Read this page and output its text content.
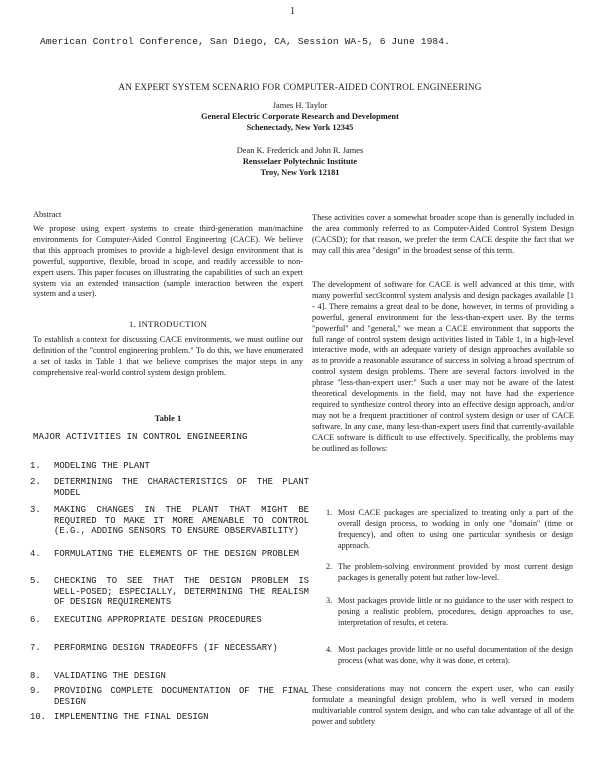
1
American Control Conference, San Diego, CA, Session WA-5, 6 June 1984.
AN EXPERT SYSTEM SCENARIO FOR COMPUTER-AIDED CONTROL ENGINEERING
James H. Taylor
General Electric Corporate Research and Development
Schenectady, New York 12345
Dean K. Frederick and John R. James
Rensselaer Polytechnic Institute
Troy, New York 12181
Abstract
We propose using expert systems to create third-generation man/machine environments for Computer-Aided Control Engineering (CACE). We believe that this approach promises to provide a high-level design environment that is powerful, supportive, flexible, broad in scope, and readily accessible to non-expert users. This paper focuses on illustrating the capabilities of such an expert system via an extended transaction (sample interaction between the expert system and a user).
1. INTRODUCTION
To establish a context for discussing CACE environments, we must outline our definition of the "control engineering problem." To do this, we have enumerated a set of tasks in Table 1 that we believe comprises the major steps in any comprehensive real-world control system design problem.
Table 1
MAJOR ACTIVITIES IN CONTROL ENGINEERING
1.	MODELING THE PLANT
2.	DETERMINING THE CHARACTERISTICS OF THE PLANT MODEL
3.	MAKING CHANGES IN THE PLANT THAT MIGHT BE REQUIRED TO MAKE IT MORE AMENABLE TO CONTROL (E.G., ADDING SENSORS TO ENSURE OBSERVABILITY)
4.	FORMULATING THE ELEMENTS OF THE DESIGN PROBLEM
5.	CHECKING TO SEE THAT THE DESIGN PROBLEM IS WELL-POSED; ESPECIALLY, DETERMINING THE REALISM OF DESIGN REQUIREMENTS
6.	EXECUTING APPROPRIATE DESIGN PROCEDURES
7.	PERFORMING DESIGN TRADEOFFS (IF NECESSARY)
8.	VALIDATING THE DESIGN
9.	PROVIDING COMPLETE DOCUMENTATION OF THE FINAL DESIGN
10. IMPLEMENTING THE FINAL DESIGN
These activities cover a somewhat broader scope than is generally included in the area commonly referred to as Computer-Aided Control System Design (CACSD); for that reason, we prefer the term CACE despite the fact that we may call this area "design" in the broadest sense of this term.
The development of software for CACE is well advanced at this time, with many powerful sect3control system analysis and design packages available [1 - 4]. There remains a great deal to be done, however, in terms of providing a powerful, general environment for the less-than-expert user. By the terms "powerful" and "general," we mean a CACE environment that supports the full range of control system design activities listed in Table 1, in a high-level interactive mode, with an adequate variety of design approaches available so as to provide a reasonable assurance of success in solving a broad spectrum of control system design problems. There are several factors involved in the phrase "less-than-expert user:" Such a user may not be aware of the latest theoretical developments in the field, may not have had the experience required to synthesize control theory into an effective design approach, and/or may not be a frequent practitioner of control system design or user of CACE software. In any case, many less-than-expert users find that currently-available CACE software is difficult to use effectively. Specifically, the problems may be outlined as follows:
1. Most CACE packages are specialized to treating only a part of the overall design process, to working in only one "domain" (time or frequency), and often to using one particular synthesis or design approach.
2. The problem-solving environment provided by most current design packages is generally potent but rather low-level.
3. Most packages provide little or no guidance to the user with respect to posing a realistic problem, procedures, design approaches to use, interpretation of results, et cetera.
4. Most packages provide little or no useful documentation of the design process (what was done, why it was done, et cetera).
These considerations may not concern the expert user, who can easily formulate a meaningful design problem, who is well versed in modern multivariable control system design, and who can take advantage of all of the power and subtlety
